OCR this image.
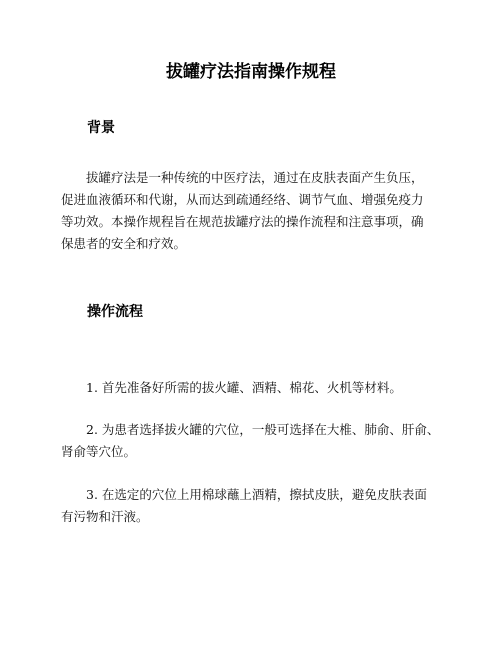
拔罐疗法指南操作规程
背景

拔罐疗法是一种传统的中医疗法，通过在皮肤表面产生负压，
促进血液循环和代谢，从而达到疏通经络、调节气血、增强免疫力
等功效。本操作规程旨在规范拔罐疗法的操作流程和注意事项，确
保患者的安全和疗效。

操作流程

1. 首先准备好所需的拔火罐、酒精、棉花、火机等材料。

2. 为患者选择拔火罐的穴位，一般可选择在大椎、肺俞、肝俞、
肾俞等穴位。

3. 在选定的穴位上用棉球蘸上酒精，擦拭皮肤，避免皮肤表面
有污物和汗液。
